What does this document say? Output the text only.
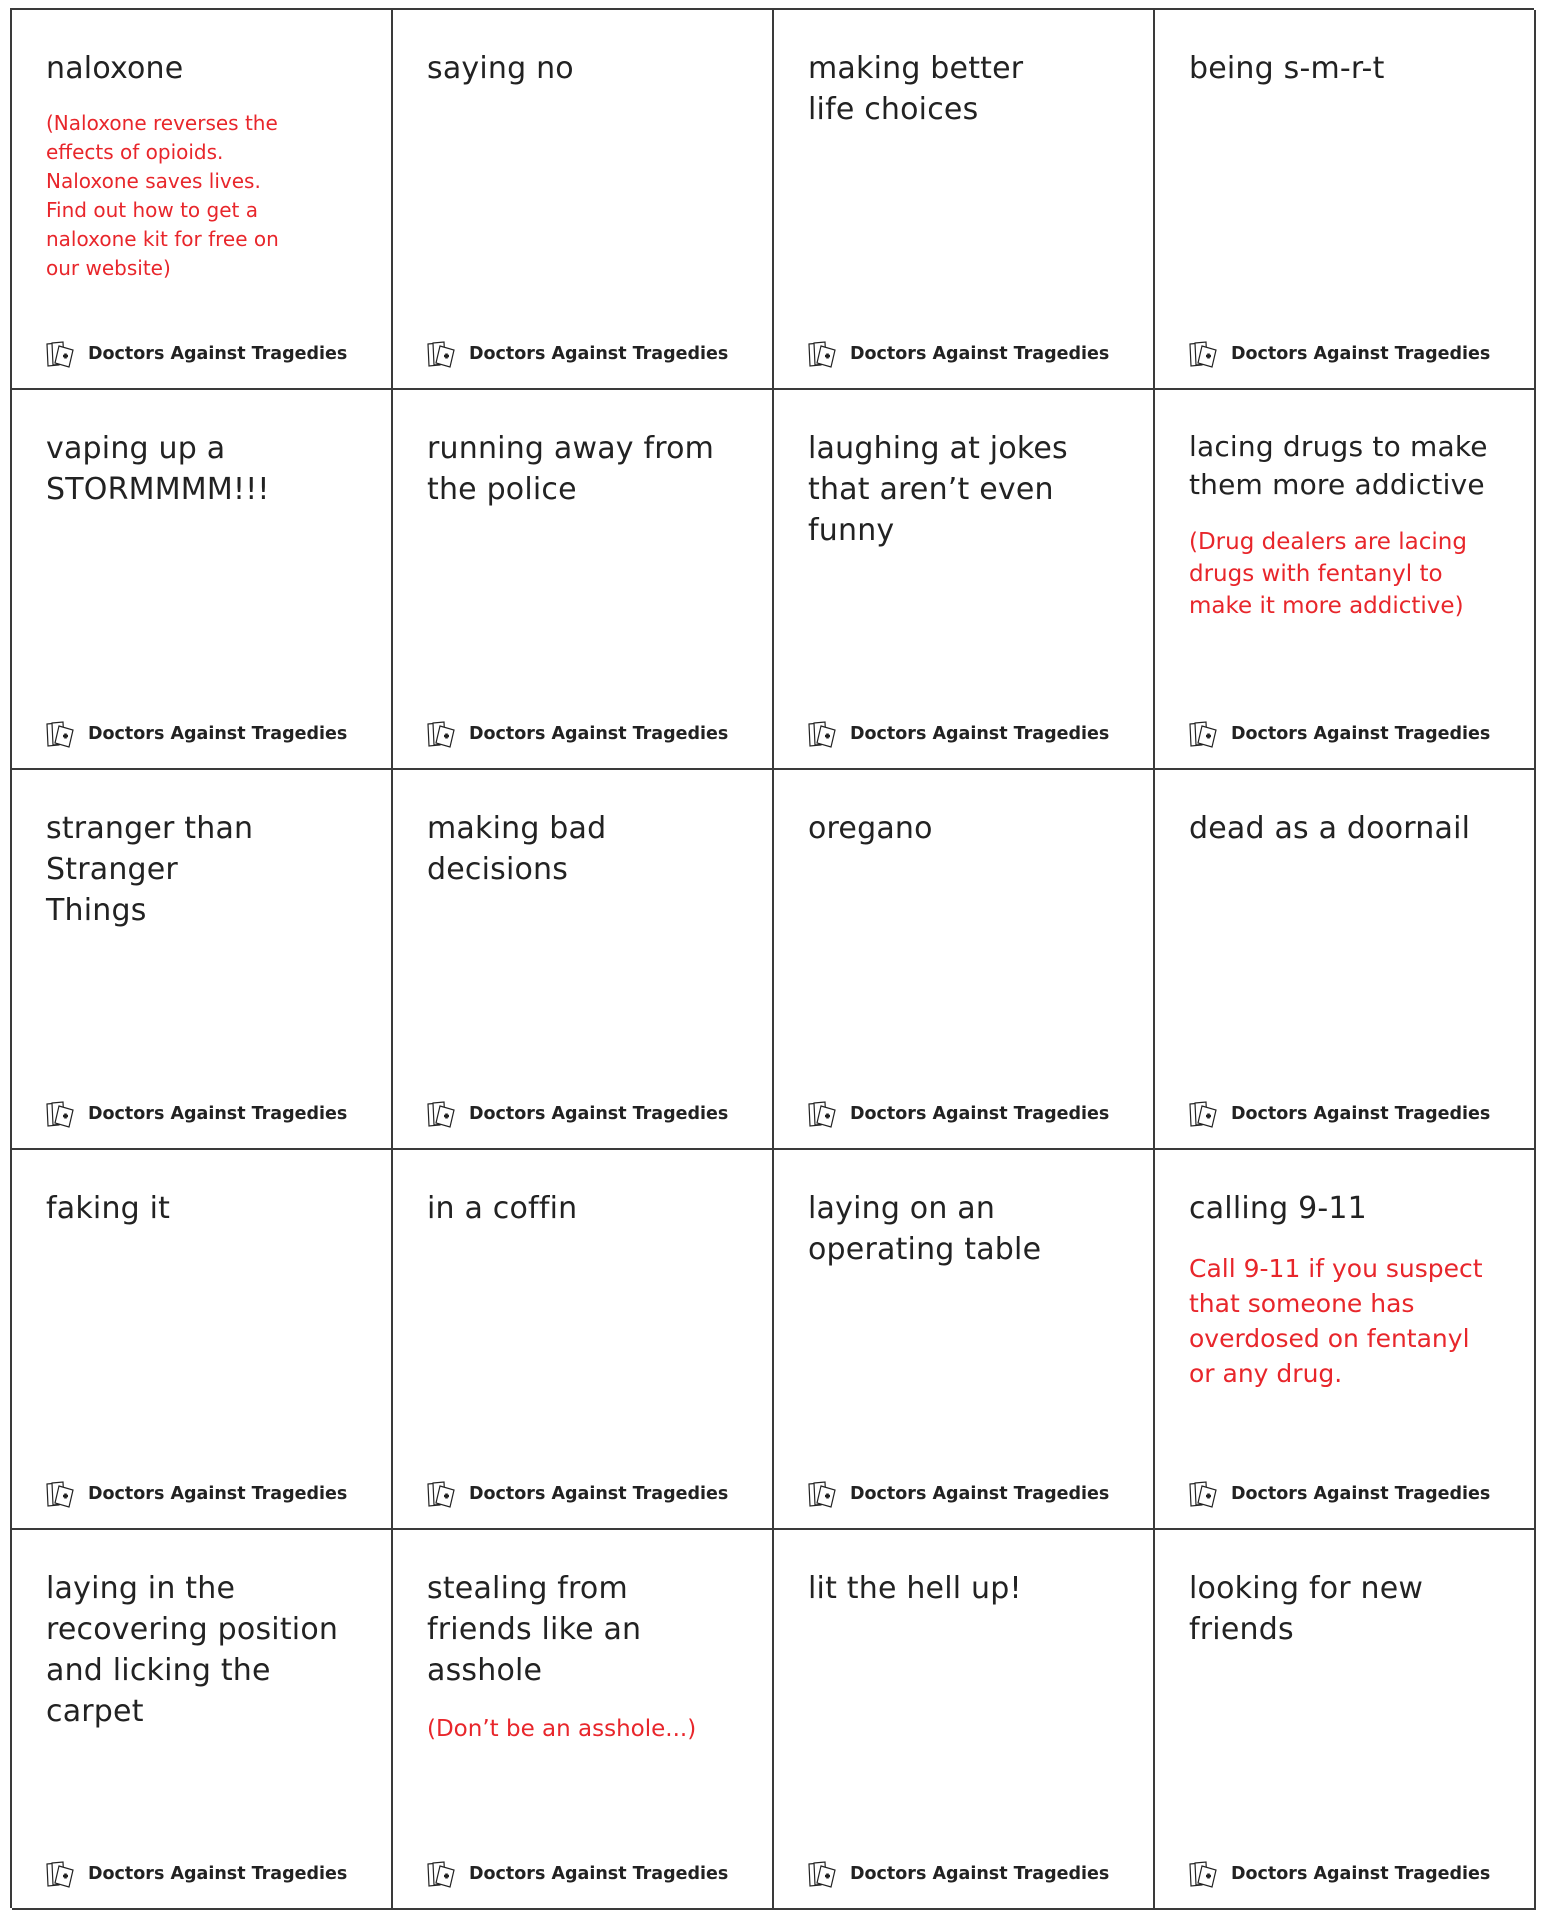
naloxone

(Naloxone reverses the effects of opioids. Naloxone saves lives. Find out how to get a naloxone kit for free on our website)

Doctors Against Tragedies

saying no

Doctors Against Tragedies

making better life choices

Doctors Against Tragedies

being s-m-r-t

Doctors Against Tragedies

vaping up a STORMMMM!!!

Doctors Against Tragedies

running away from the police

Doctors Against Tragedies

laughing at jokes that aren’t even funny

Doctors Against Tragedies

lacing drugs to make them more addictive

(Drug dealers are lacing drugs with fentanyl to make it more addictive)

Doctors Against Tragedies

stranger than Stranger Things

Doctors Against Tragedies

making bad decisions

Doctors Against Tragedies

oregano

Doctors Against Tragedies

dead as a doornail

Doctors Against Tragedies

faking it

Doctors Against Tragedies

in a coffin

Doctors Against Tragedies

laying on an operating table

Doctors Against Tragedies

calling 9-11

Call 9-11 if you suspect that someone has overdosed on fentanyl or any drug.

Doctors Against Tragedies

laying in the recovering position and licking the carpet

Doctors Against Tragedies

stealing from friends like an asshole

(Don’t be an asshole...)

Doctors Against Tragedies

lit the hell up!

Doctors Against Tragedies

looking for new friends

Doctors Against Tragedies
